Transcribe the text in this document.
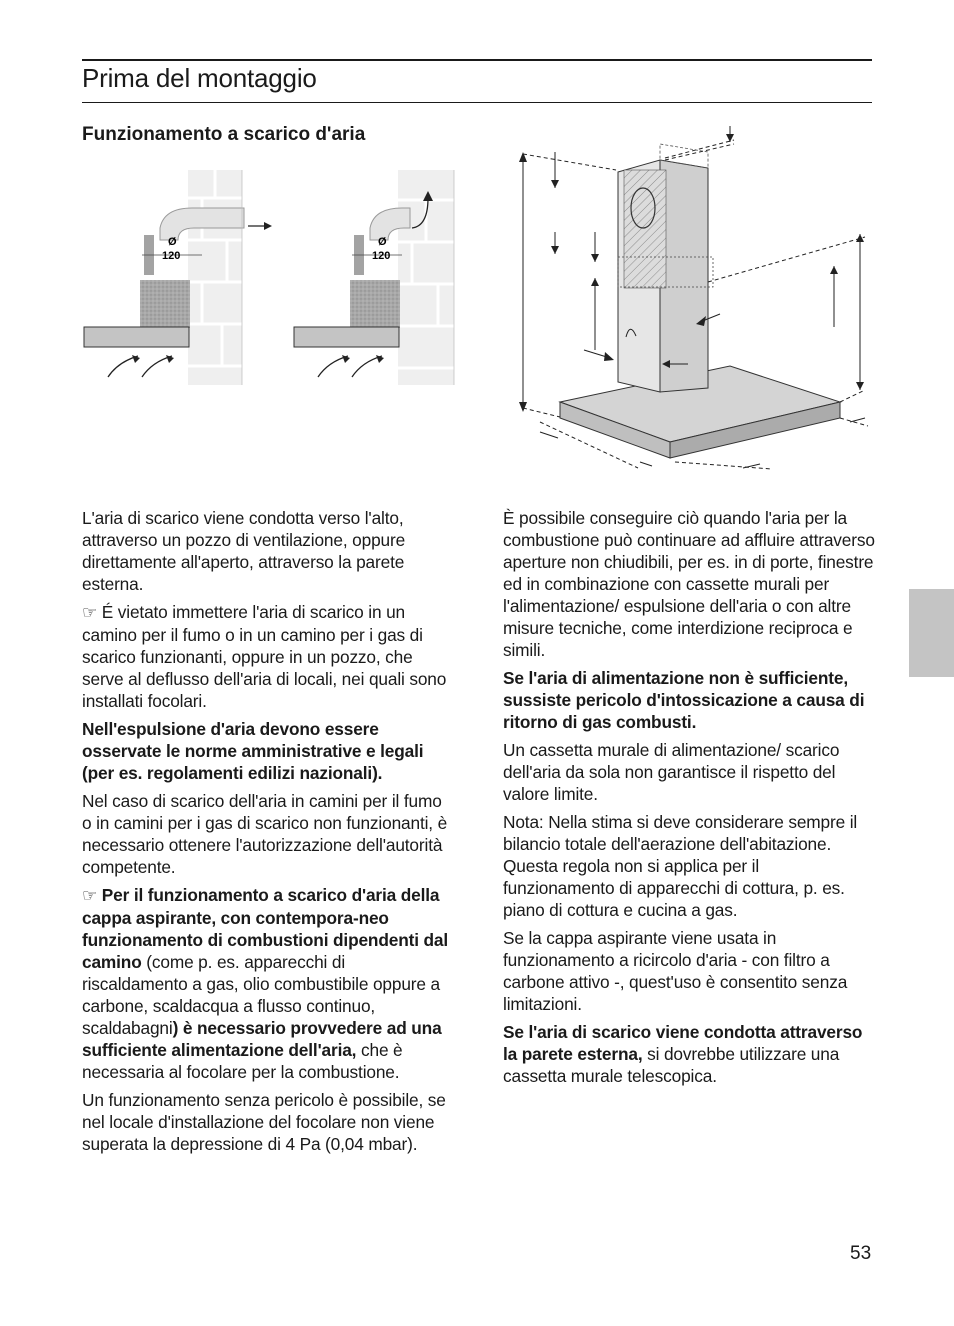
Prima del montaggio
Funzionamento a scarico d'aria
Ø
120
Ø
120

L'aria di scarico viene condotta verso l'alto, attraverso un pozzo di ventilazione, oppure direttamente all'aperto, attraverso la parete esterna.

☞ É vietato immettere l'aria di scarico in un camino per il fumo o in un camino per i gas di scarico funzionanti, oppure in un pozzo, che serve al deflusso dell'aria di locali, nei quali sono installati focolari.

Nell'espulsione d'aria devono essere osservate le norme amministrative e legali (per es. regolamenti edilizi nazionali).

Nel caso di scarico dell'aria in camini per il fumo o in camini per i gas di scarico non funzionanti, è necessario ottenere l'autorizzazione dell'autorità competente.

☞ Per il funzionamento a scarico d'aria della cappa aspirante, con contempora-neo funzionamento di combustioni dipendenti dal camino (come p. es. apparecchi di riscaldamento a gas, olio combustibile oppure a carbone, scaldacqua a flusso continuo, scaldabagni) è necessario provvedere ad una sufficiente alimentazione dell'aria, che è necessaria al focolare per la combustione.

Un funzionamento senza pericolo è possibile, se nel locale d'installazione del focolare non viene superata la depressione di 4 Pa (0,04 mbar).

È possibile conseguire ciò quando l'aria per la combustione può continuare ad affluire attraverso aperture non chiudibili, per es. in di porte, finestre ed in combinazione con cassette murali per l'alimentazione/ espulsione dell'aria o con altre misure tecniche, come interdizione reciproca e simili.

Se l'aria di alimentazione non è sufficiente, sussiste pericolo d'intossicazione a causa di ritorno di gas combusti.

Un cassetta murale di alimentazione/ scarico dell'aria da sola non garantisce il rispetto del valore limite.

Nota: Nella stima si deve considerare sempre il bilancio totale dell'aerazione dell'abitazione. Questa regola non si applica per il funzionamento di apparecchi di cottura, p. es. piano di cottura e cucina a gas.

Se la cappa aspirante viene usata in funzionamento a ricircolo d'aria - con filtro a carbone attivo -, quest'uso è consentito senza limitazioni.

Se l'aria di scarico viene condotta attraverso la parete esterna, si dovrebbe utilizzare una cassetta murale telescopica.

53
